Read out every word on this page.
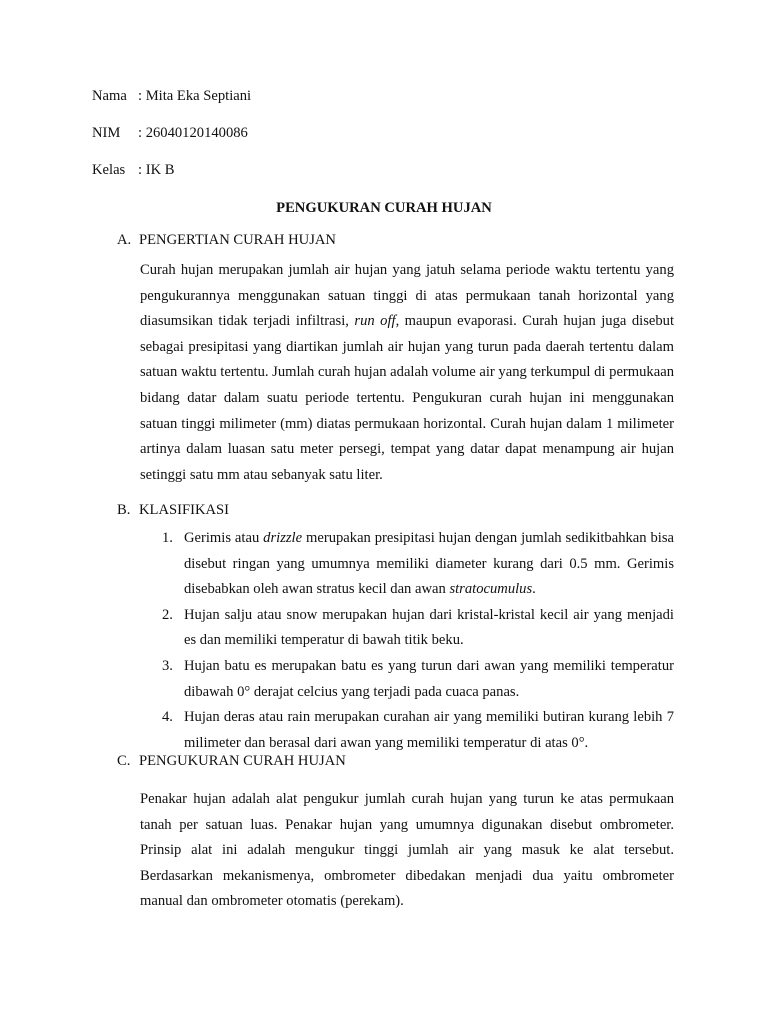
Nama : Mita Eka Septiani
NIM : 26040120140086
Kelas : IK B
PENGUKURAN CURAH HUJAN
A. PENGERTIAN CURAH HUJAN

Curah hujan merupakan jumlah air hujan yang jatuh selama periode waktu tertentu yang pengukurannya menggunakan satuan tinggi di atas permukaan tanah horizontal yang diasumsikan tidak terjadi infiltrasi, run off, maupun evaporasi. Curah hujan juga disebut sebagai presipitasi yang diartikan jumlah air hujan yang turun pada daerah tertentu dalam satuan waktu tertentu. Jumlah curah hujan adalah volume air yang terkumpul di permukaan bidang datar dalam suatu periode tertentu. Pengukuran curah hujan ini menggunakan satuan tinggi milimeter (mm) diatas permukaan horizontal. Curah hujan dalam 1 milimeter artinya dalam luasan satu meter persegi, tempat yang datar dapat menampung air hujan setinggi satu mm atau sebanyak satu liter.

B. KLASIFIKASI
1. Gerimis atau drizzle merupakan presipitasi hujan dengan jumlah sedikitbahkan bisa disebut ringan yang umumnya memiliki diameter kurang dari 0.5 mm. Gerimis disebabkan oleh awan stratus kecil dan awan stratocumulus.
2. Hujan salju atau snow merupakan hujan dari kristal-kristal kecil air yang menjadi es dan memiliki temperatur di bawah titik beku.
3. Hujan batu es merupakan batu es yang turun dari awan yang memiliki temperatur dibawah 0° derajat celcius yang terjadi pada cuaca panas.
4. Hujan deras atau rain merupakan curahan air yang memiliki butiran kurang lebih 7 milimeter dan berasal dari awan yang memiliki temperatur di atas 0°.
C. PENGUKURAN CURAH HUJAN

Penakar hujan adalah alat pengukur jumlah curah hujan yang turun ke atas permukaan tanah per satuan luas. Penakar hujan yang umumnya digunakan disebut ombrometer. Prinsip alat ini adalah mengukur tinggi jumlah air yang masuk ke alat tersebut. Berdasarkan mekanismenya, ombrometer dibedakan menjadi dua yaitu ombrometer manual dan ombrometer otomatis (perekam).
